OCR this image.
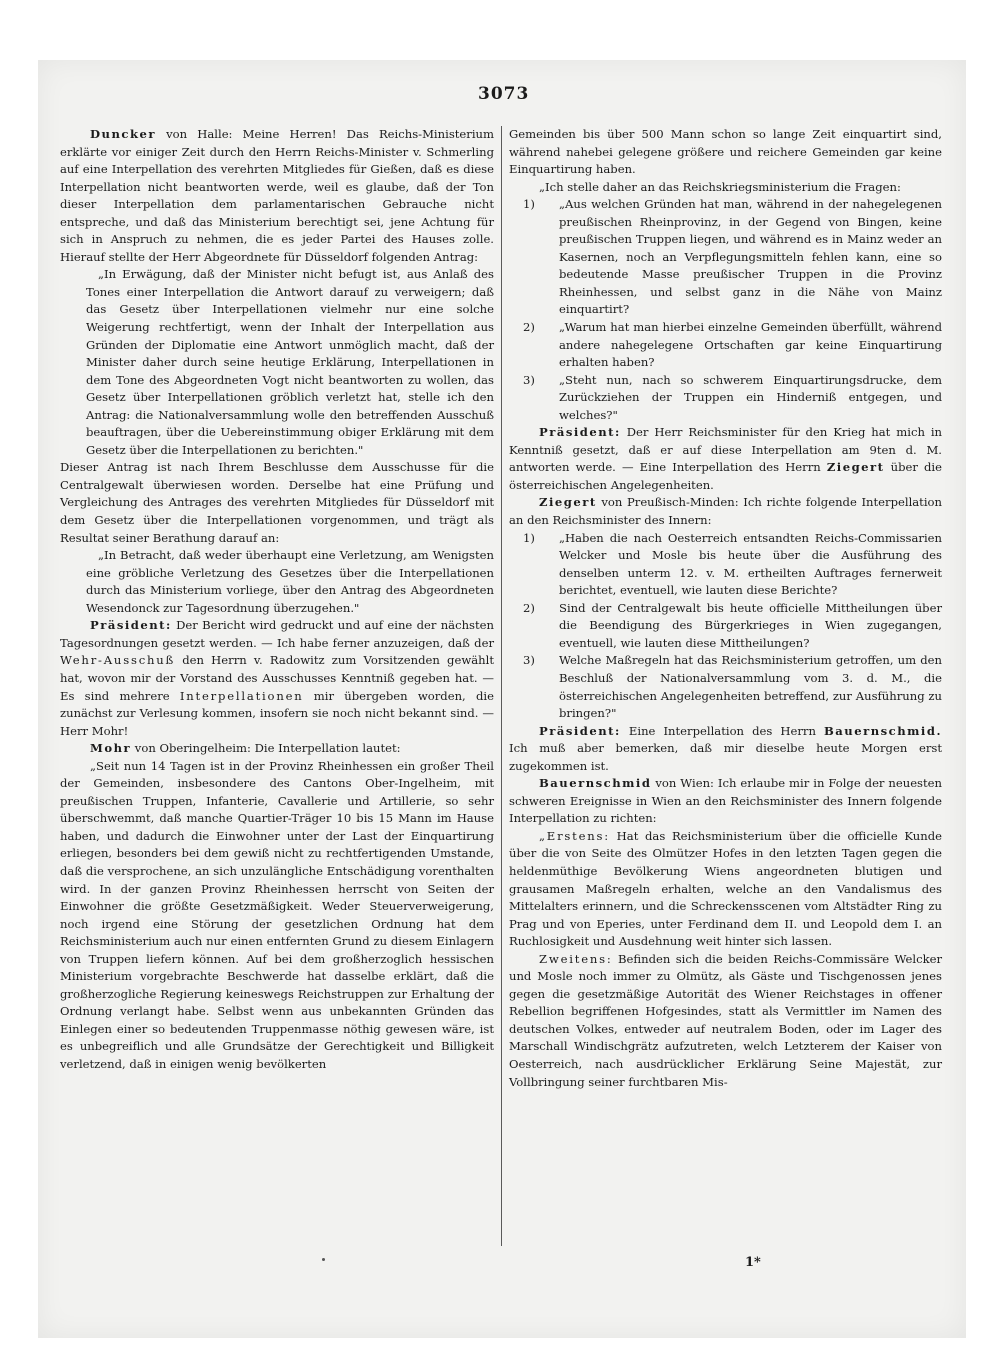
3073

Duncker von Halle: Meine Herren! Das Reichs-Ministerium erklärte vor einiger Zeit durch den Herrn Reichs-Minister v. Schmerling auf eine Interpellation des verehrten Mitgliedes für Gießen, daß es diese Interpellation nicht beantworten werde, weil es glaube, daß der Ton dieser Interpellation dem parlamentarischen Gebrauche nicht entspreche, und daß das Ministerium berechtigt sei, jene Achtung für sich in Anspruch zu nehmen, die es jeder Partei des Hauses zolle. Hierauf stellte der Herr Abgeordnete für Düsseldorf folgenden Antrag:

„In Erwägung, daß der Minister nicht befugt ist, aus Anlaß des Tones einer Interpellation die Antwort darauf zu verweigern; daß das Gesetz über Interpellationen vielmehr nur eine solche Weigerung rechtfertigt, wenn der Inhalt der Interpellation aus Gründen der Diplomatie eine Antwort unmöglich macht, daß der Minister daher durch seine heutige Erklärung, Interpellationen in dem Tone des Abgeordneten Vogt nicht beantworten zu wollen, das Gesetz über Interpellationen gröblich verletzt hat, stelle ich den Antrag: die Nationalversammlung wolle den betreffenden Ausschuß beauftragen, über die Uebereinstimmung obiger Erklärung mit dem Gesetz über die Interpellationen zu berichten."

Dieser Antrag ist nach Ihrem Beschlusse dem Ausschusse für die Centralgewalt überwiesen worden. Derselbe hat eine Prüfung und Vergleichung des Antrages des verehrten Mitgliedes für Düsseldorf mit dem Gesetz über die Interpellationen vorgenommen, und trägt als Resultat seiner Berathung darauf an:

„In Betracht, daß weder überhaupt eine Verletzung, am Wenigsten eine gröbliche Verletzung des Gesetzes über die Interpellationen durch das Ministerium vorliege, über den Antrag des Abgeordneten Wesendonck zur Tagesordnung überzugehen."

Präsident: Der Bericht wird gedruckt und auf eine der nächsten Tagesordnungen gesetzt werden. — Ich habe ferner anzuzeigen, daß der Wehr-Ausschuß den Herrn v. Radowitz zum Vorsitzenden gewählt hat, wovon mir der Vorstand des Ausschusses Kenntniß gegeben hat. — Es sind mehrere Interpellationen mir übergeben worden, die zunächst zur Verlesung kommen, insofern sie noch nicht bekannt sind. — Herr Mohr!

Mohr von Oberingelheim: Die Interpellation lautet:

„Seit nun 14 Tagen ist in der Provinz Rheinhessen ein großer Theil der Gemeinden, insbesondere des Cantons Ober-Ingelheim, mit preußischen Truppen, Infanterie, Cavallerie und Artillerie, so sehr überschwemmt, daß manche Quartier-Träger 10 bis 15 Mann im Hause haben, und dadurch die Einwohner unter der Last der Einquartirung erliegen, besonders bei dem gewiß nicht zu rechtfertigenden Umstande, daß die versprochene, an sich unzulängliche Entschädigung vorenthalten wird. In der ganzen Provinz Rheinhessen herrscht von Seiten der Einwohner die größte Gesetzmäßigkeit. Weder Steuerverweigerung, noch irgend eine Störung der gesetzlichen Ordnung hat dem Reichsministerium auch nur einen entfernten Grund zu diesem Einlagern von Truppen liefern können. Auf bei dem großherzoglich hessischen Ministerium vorgebrachte Beschwerde hat dasselbe erklärt, daß die großherzogliche Regierung keineswegs Reichstruppen zur Erhaltung der Ordnung verlangt habe. Selbst wenn aus unbekannten Gründen das Einlegen einer so bedeutenden Truppenmasse nöthig gewesen wäre, ist es unbegreiflich und alle Grundsätze der Gerechtigkeit und Billigkeit verletzend, daß in einigen wenig bevölkerten

Gemeinden bis über 500 Mann schon so lange Zeit einquartirt sind, während nahebei gelegene größere und reichere Gemeinden gar keine Einquartirung haben.

„Ich stelle daher an das Reichskriegsministerium die Fragen:

1) „Aus welchen Gründen hat man, während in der nahegelegenen preußischen Rheinprovinz, in der Gegend von Bingen, keine preußischen Truppen liegen, und während es in Mainz weder an Kasernen, noch an Verpflegungsmitteln fehlen kann, eine so bedeutende Masse preußischer Truppen in die Provinz Rheinhessen, und selbst ganz in die Nähe von Mainz einquartirt?
2) „Warum hat man hierbei einzelne Gemeinden überfüllt, während andere nahegelegene Ortschaften gar keine Einquartirung erhalten haben?
3) „Steht nun, nach so schwerem Einquartirungsdrucke, dem Zurückziehen der Truppen ein Hinderniß entgegen, und welches?"

Präsident: Der Herr Reichsminister für den Krieg hat mich in Kenntniß gesetzt, daß er auf diese Interpellation am 9ten d. M. antworten werde. — Eine Interpellation des Herrn Ziegert über die österreichischen Angelegenheiten.

Ziegert von Preußisch-Minden: Ich richte folgende Interpellation an den Reichsminister des Innern:

1) „Haben die nach Oesterreich entsandten Reichs-Commissarien Welcker und Mosle bis heute über die Ausführung des denselben unterm 12. v. M. ertheilten Auftrages fernerweit berichtet, eventuell, wie lauten diese Berichte?
2) Sind der Centralgewalt bis heute officielle Mittheilungen über die Beendigung des Bürgerkrieges in Wien zugegangen, eventuell, wie lauten diese Mittheilungen?
3) Welche Maßregeln hat das Reichsministerium getroffen, um den Beschluß der Nationalversammlung vom 3. d. M., die österreichischen Angelegenheiten betreffend, zur Ausführung zu bringen?"

Präsident: Eine Interpellation des Herrn Bauernschmid. Ich muß aber bemerken, daß mir dieselbe heute Morgen erst zugekommen ist.

Bauernschmid von Wien: Ich erlaube mir in Folge der neuesten schweren Ereignisse in Wien an den Reichsminister des Innern folgende Interpellation zu richten:

„Erstens: Hat das Reichsministerium über die officielle Kunde über die von Seite des Olmützer Hofes in den letzten Tagen gegen die heldenmüthige Bevölkerung Wiens angeordneten blutigen und grausamen Maßregeln erhalten, welche an den Vandalismus des Mittelalters erinnern, und die Schreckensscenen vom Altstädter Ring zu Prag und von Eperies, unter Ferdinand dem II. und Leopold dem I. an Ruchlosigkeit und Ausdehnung weit hinter sich lassen.

Zweitens: Befinden sich die beiden Reichs-Commissäre Welcker und Mosle noch immer zu Olmütz, als Gäste und Tischgenossen jenes gegen die gesetzmäßige Autorität des Wiener Reichstages in offener Rebellion begriffenen Hofgesindes, statt als Vermittler im Namen des deutschen Volkes, entweder auf neutralem Boden, oder im Lager des Marschall Windischgrätz aufzutreten, welch Letzterem der Kaiser von Oesterreich, nach ausdrücklicher Erklärung Seine Majestät, zur Vollbringung seiner furchtbaren Mis-

1*
